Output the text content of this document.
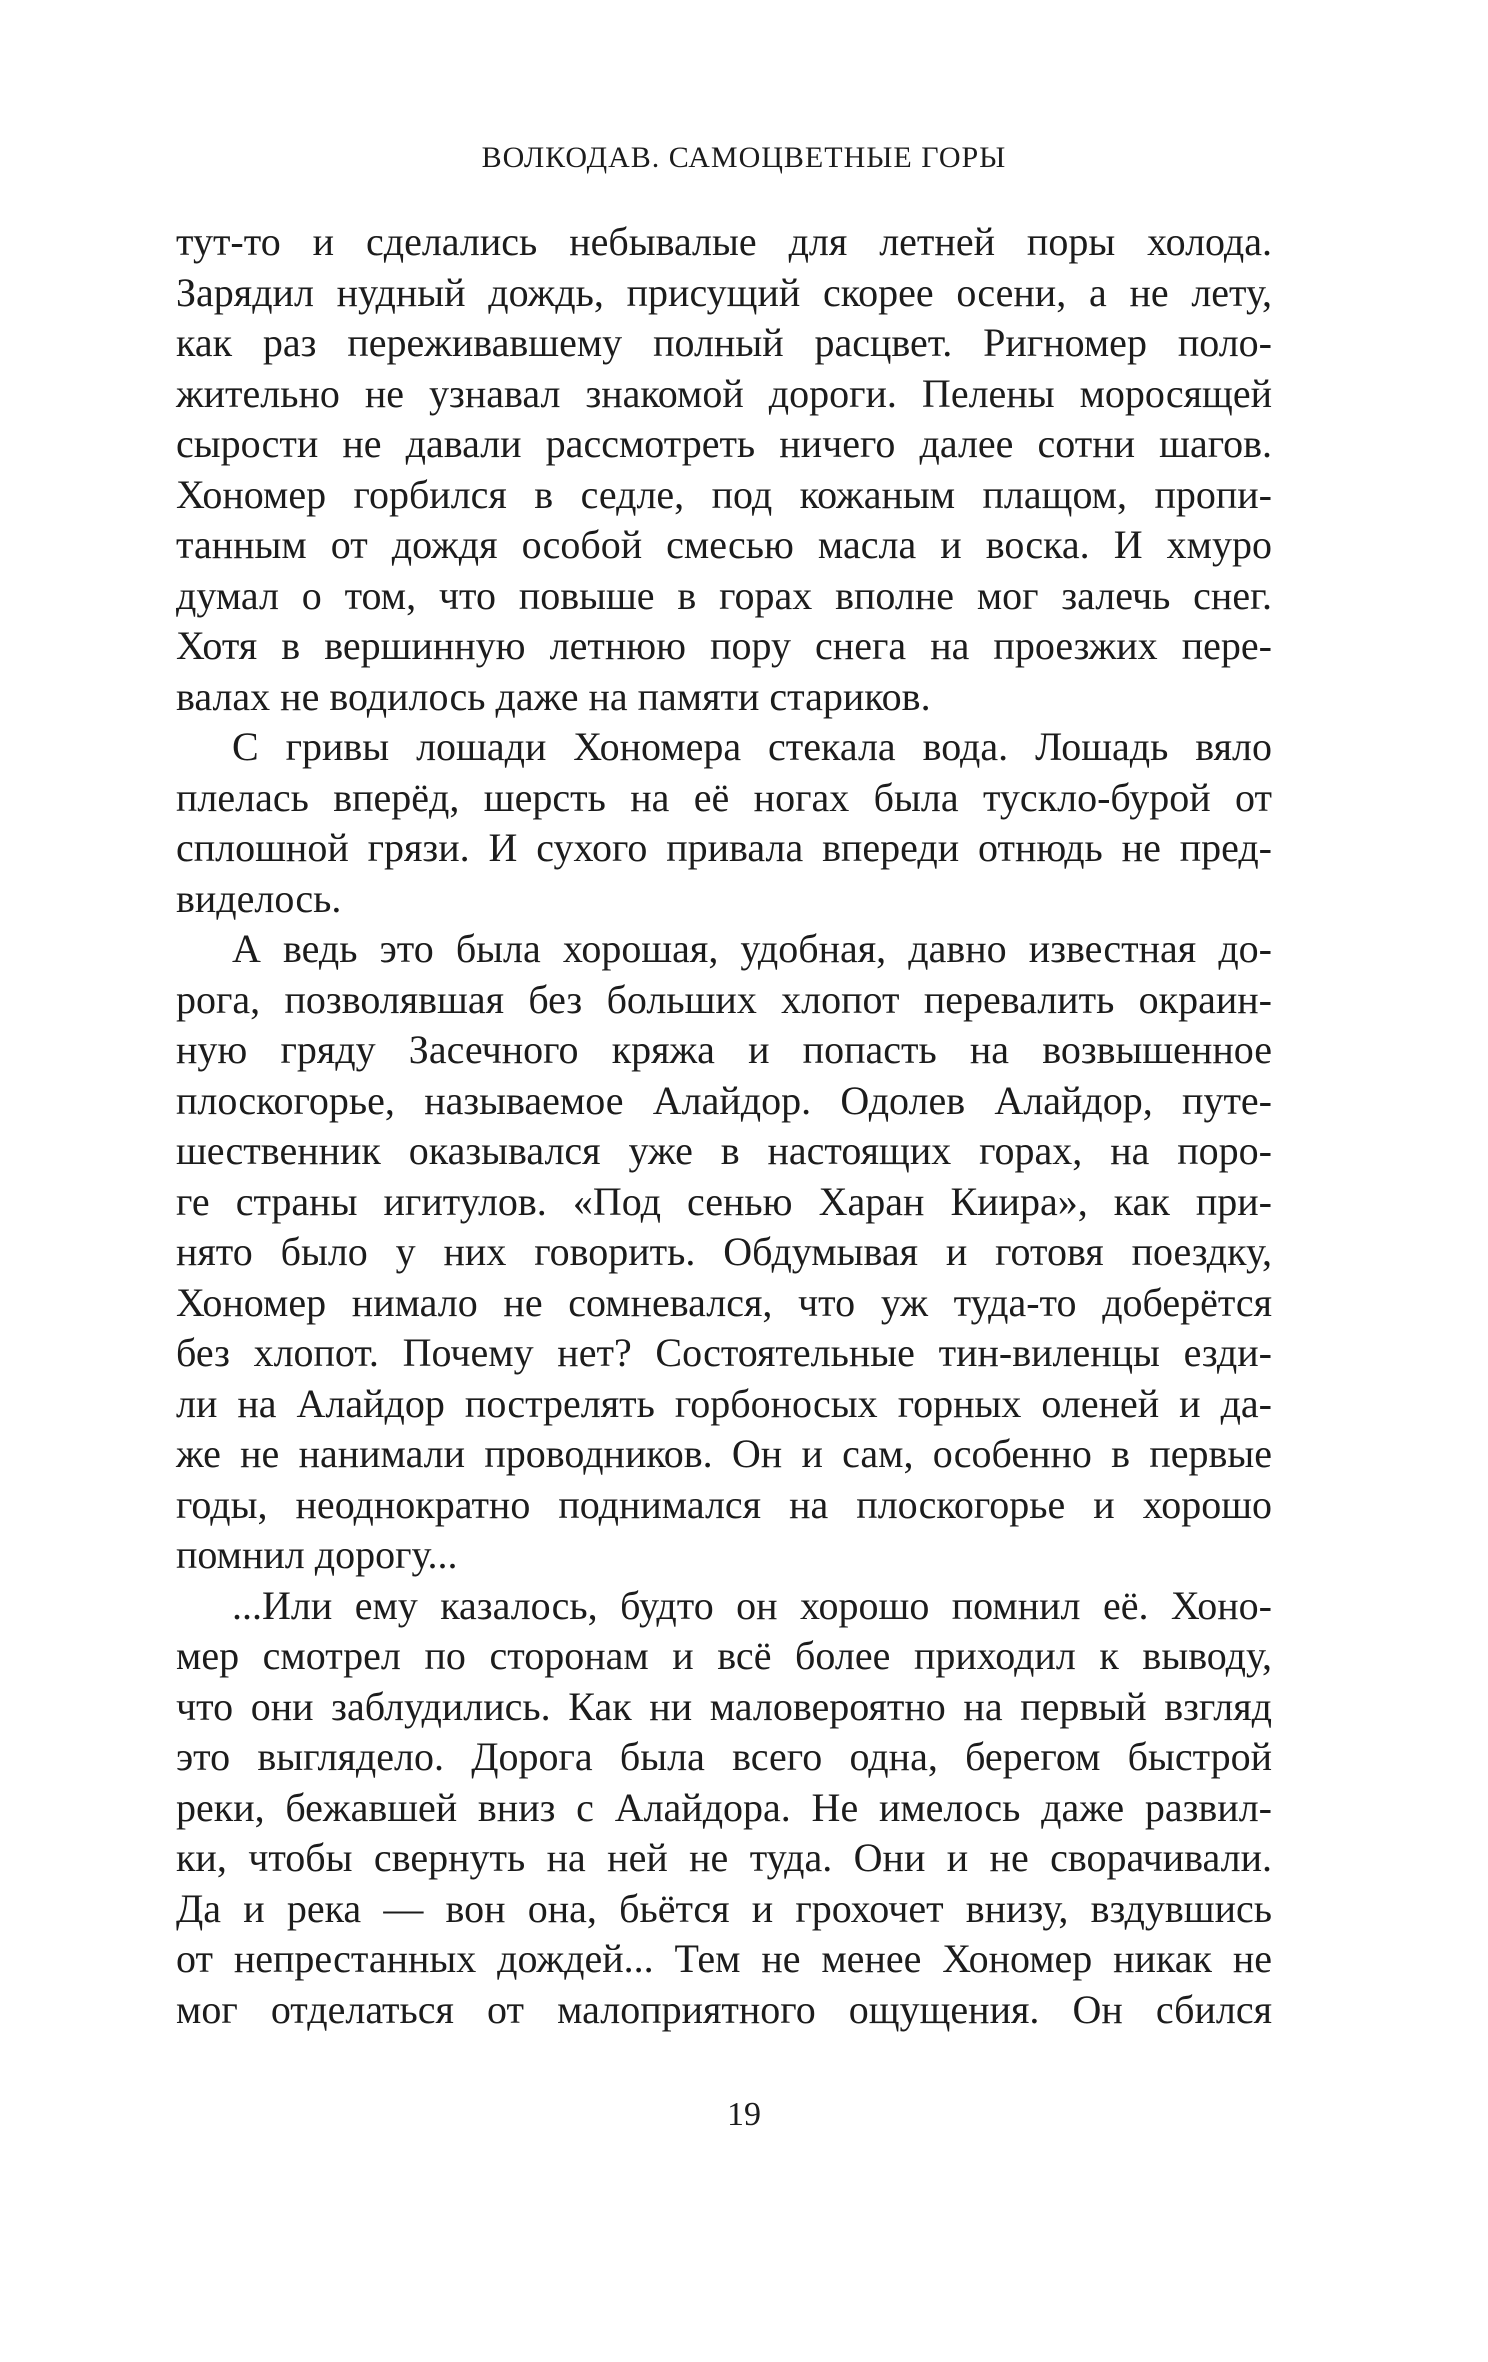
ВОЛКОДАВ. САМОЦВЕТНЫЕ ГОРЫ
тут-то и сделались небывалые для летней поры холода.
Зарядил нудный дождь, присущий скорее осени, а не лету,
как раз переживавшему полный расцвет. Ригномер поло-
жительно не узнавал знакомой дороги. Пелены моросящей
сырости не давали рассмотреть ничего далее сотни шагов.
Хономер горбился в седле, под кожаным плащом, пропи-
танным от дождя особой смесью масла и воска. И хмуро
думал о том, что повыше в горах вполне мог залечь снег.
Хотя в вершинную летнюю пору снега на проезжих пере-
валах не водилось даже на памяти стариков.
С гривы лошади Хономера стекала вода. Лошадь вяло
плелась вперёд, шерсть на её ногах была тускло-бурой от
сплошной грязи. И сухого привала впереди отнюдь не пред-
виделось.
А ведь это была хорошая, удобная, давно известная до-
рога, позволявшая без больших хлопот перевалить окраин-
ную гряду Засечного кряжа и попасть на возвышенное
плоскогорье, называемое Алайдор. Одолев Алайдор, путе-
шественник оказывался уже в настоящих горах, на поро-
ге страны игитулов. «Под сенью Харан Киира», как при-
нято было у них говорить. Обдумывая и готовя поездку,
Хономер нимало не сомневался, что уж туда-то доберётся
без хлопот. Почему нет? Состоятельные тин-виленцы езди-
ли на Алайдор пострелять горбоносых горных оленей и да-
же не нанимали проводников. Он и сам, особенно в первые
годы, неоднократно поднимался на плоскогорье и хорошо
помнил дорогу...
...Или ему казалось, будто он хорошо помнил её. Хоно-
мер смотрел по сторонам и всё более приходил к выводу,
что они заблудились. Как ни маловероятно на первый взгляд
это выглядело. Дорога была всего одна, берегом быстрой
реки, бежавшей вниз с Алайдора. Не имелось даже развил-
ки, чтобы свернуть на ней не туда. Они и не сворачивали.
Да и река — вон она, бьётся и грохочет внизу, вздувшись
от непрестанных дождей... Тем не менее Хономер никак не
мог отделаться от малоприятного ощущения. Он сбился
19
